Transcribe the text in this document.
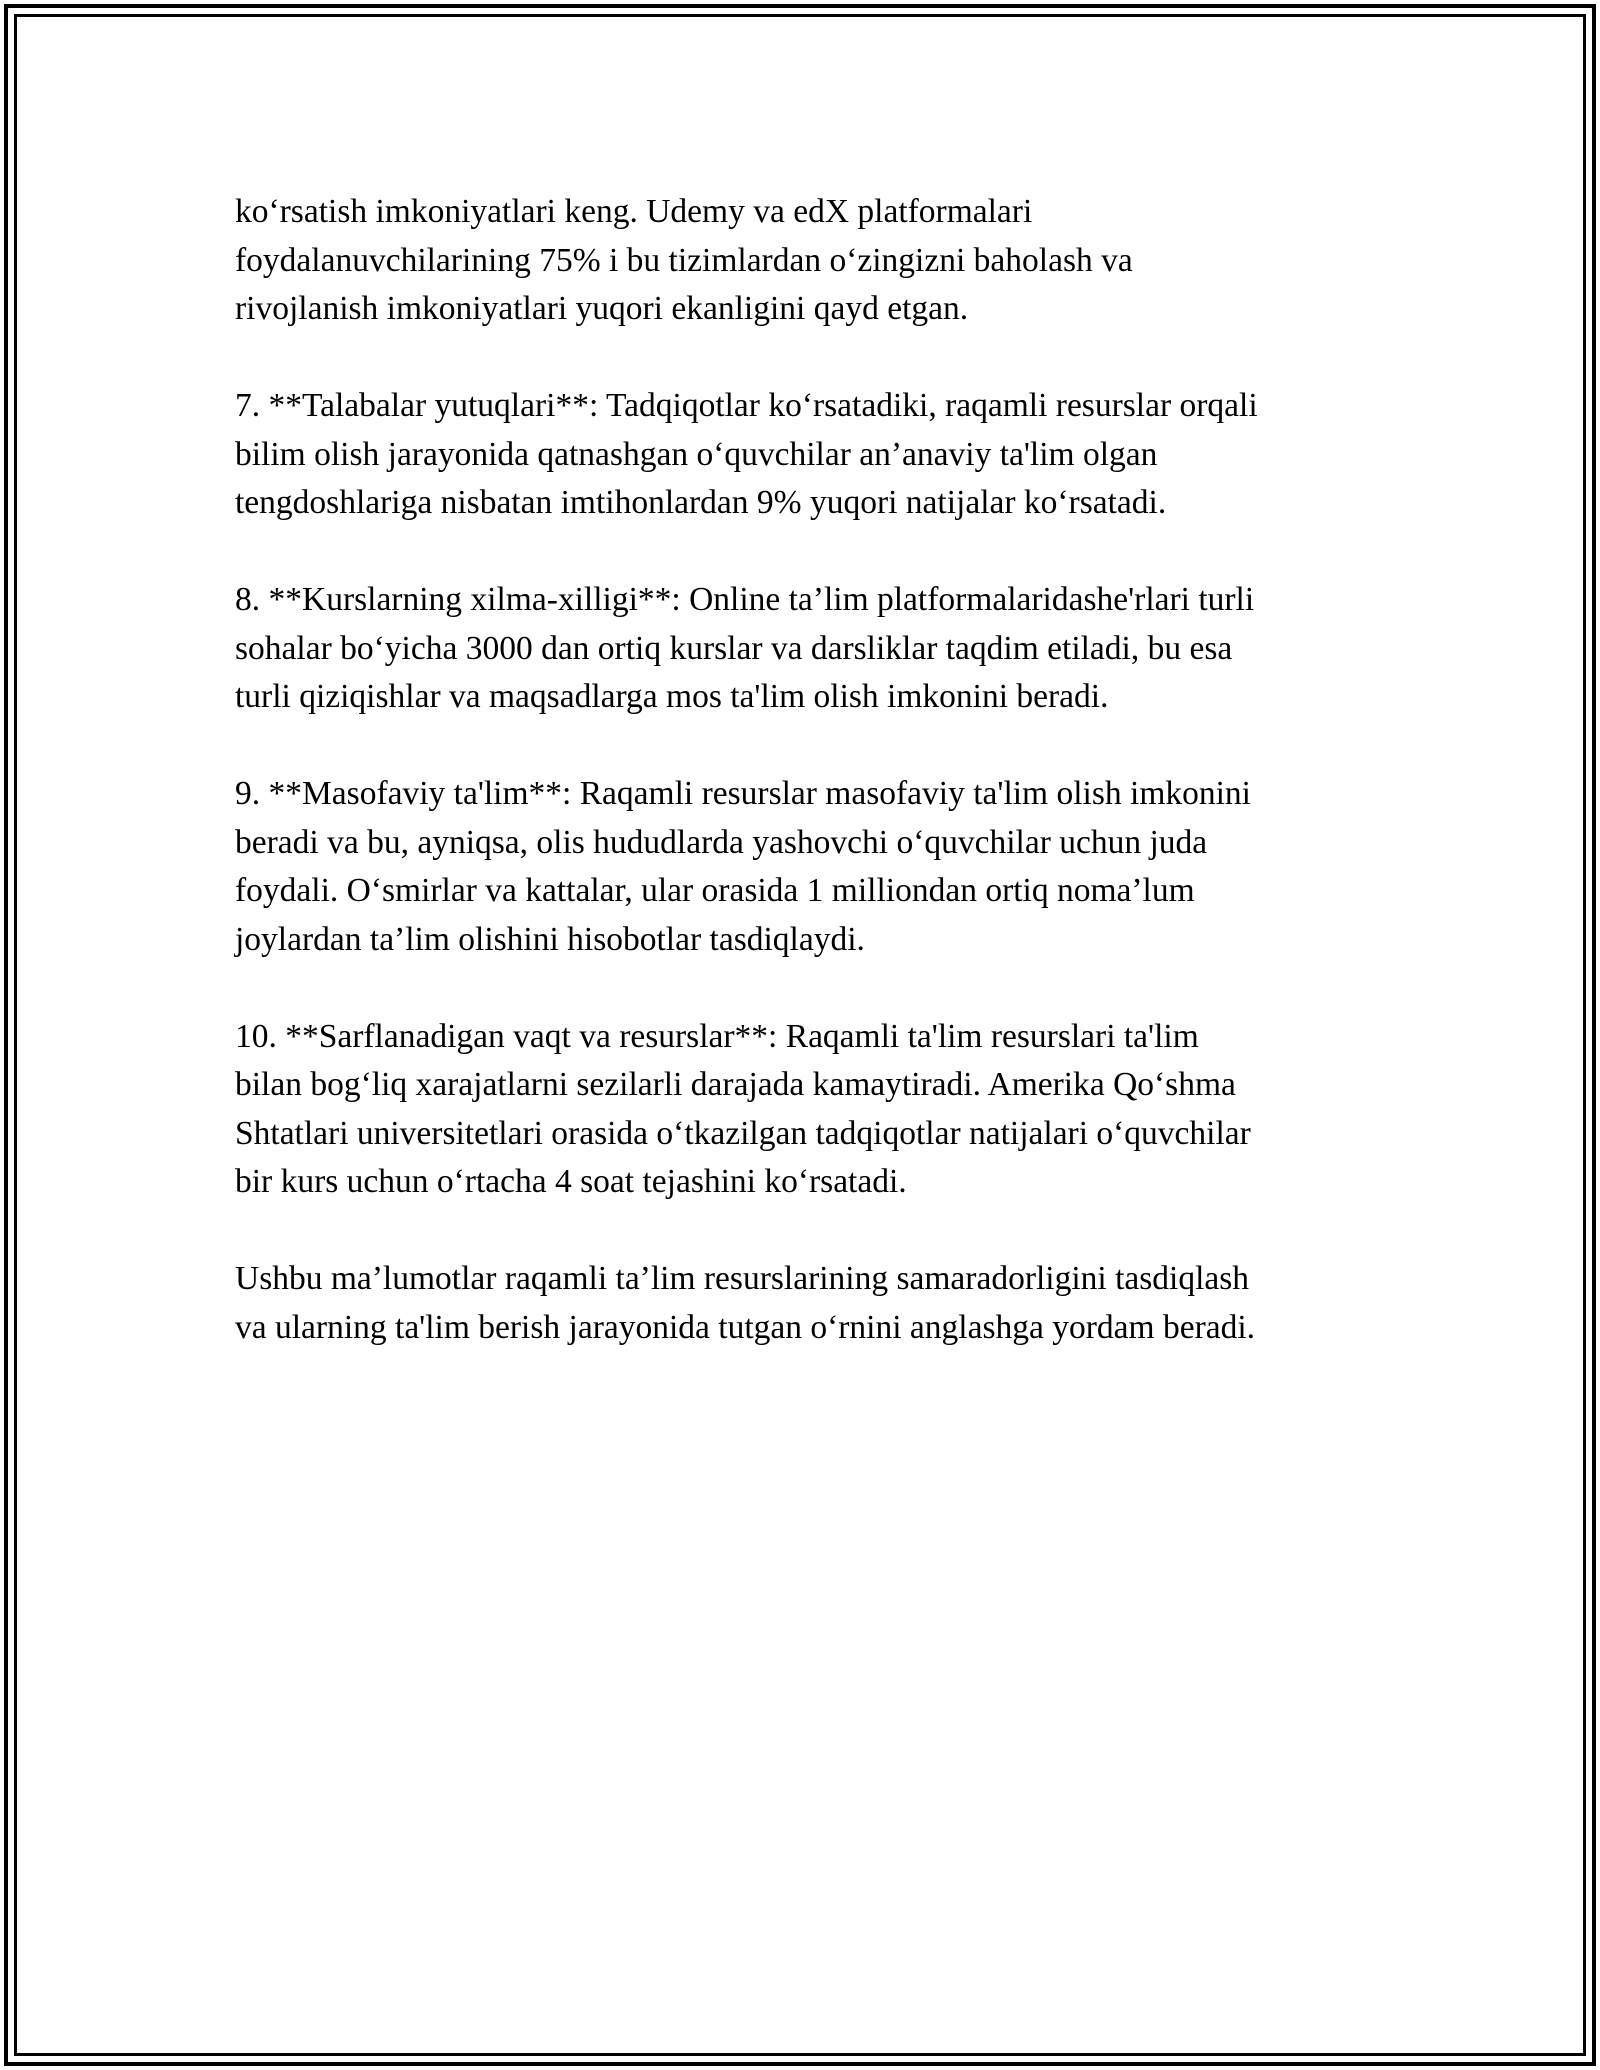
ko‘rsatish imkoniyatlari keng. Udemy va edX platformalari
foydalanuvchilarining 75% i bu tizimlardan o‘zingizni baholash va
rivojlanish imkoniyatlari yuqori ekanligini qayd etgan.

7. **Talabalar yutuqlari**: Tadqiqotlar ko‘rsatadiki, raqamli resurslar orqali
bilim olish jarayonida qatnashgan o‘quvchilar an’anaviy ta'lim olgan
tengdoshlariga nisbatan imtihonlardan 9% yuqori natijalar ko‘rsatadi.

8. **Kurslarning xilma-xilligi**: Online ta’lim platformalaridashe'rlari turli
sohalar bo‘yicha 3000 dan ortiq kurslar va darsliklar taqdim etiladi, bu esa
turli qiziqishlar va maqsadlarga mos ta'lim olish imkonini beradi.

9. **Masofaviy ta'lim**: Raqamli resurslar masofaviy ta'lim olish imkonini
beradi va bu, ayniqsa, olis hududlarda yashovchi o‘quvchilar uchun juda
foydali. O‘smirlar va kattalar, ular orasida 1 milliondan ortiq noma’lum
joylardan ta’lim olishini hisobotlar tasdiqlaydi.

10. **Sarflanadigan vaqt va resurslar**: Raqamli ta'lim resurslari ta'lim
bilan bog‘liq xarajatlarni sezilarli darajada kamaytiradi. Amerika Qo‘shma
Shtatlari universitetlari orasida o‘tkazilgan tadqiqotlar natijalari o‘quvchilar
bir kurs uchun o‘rtacha 4 soat tejashini ko‘rsatadi.

Ushbu ma’lumotlar raqamli ta’lim resurslarining samaradorligini tasdiqlash
va ularning ta'lim berish jarayonida tutgan o‘rnini anglashga yordam beradi.
